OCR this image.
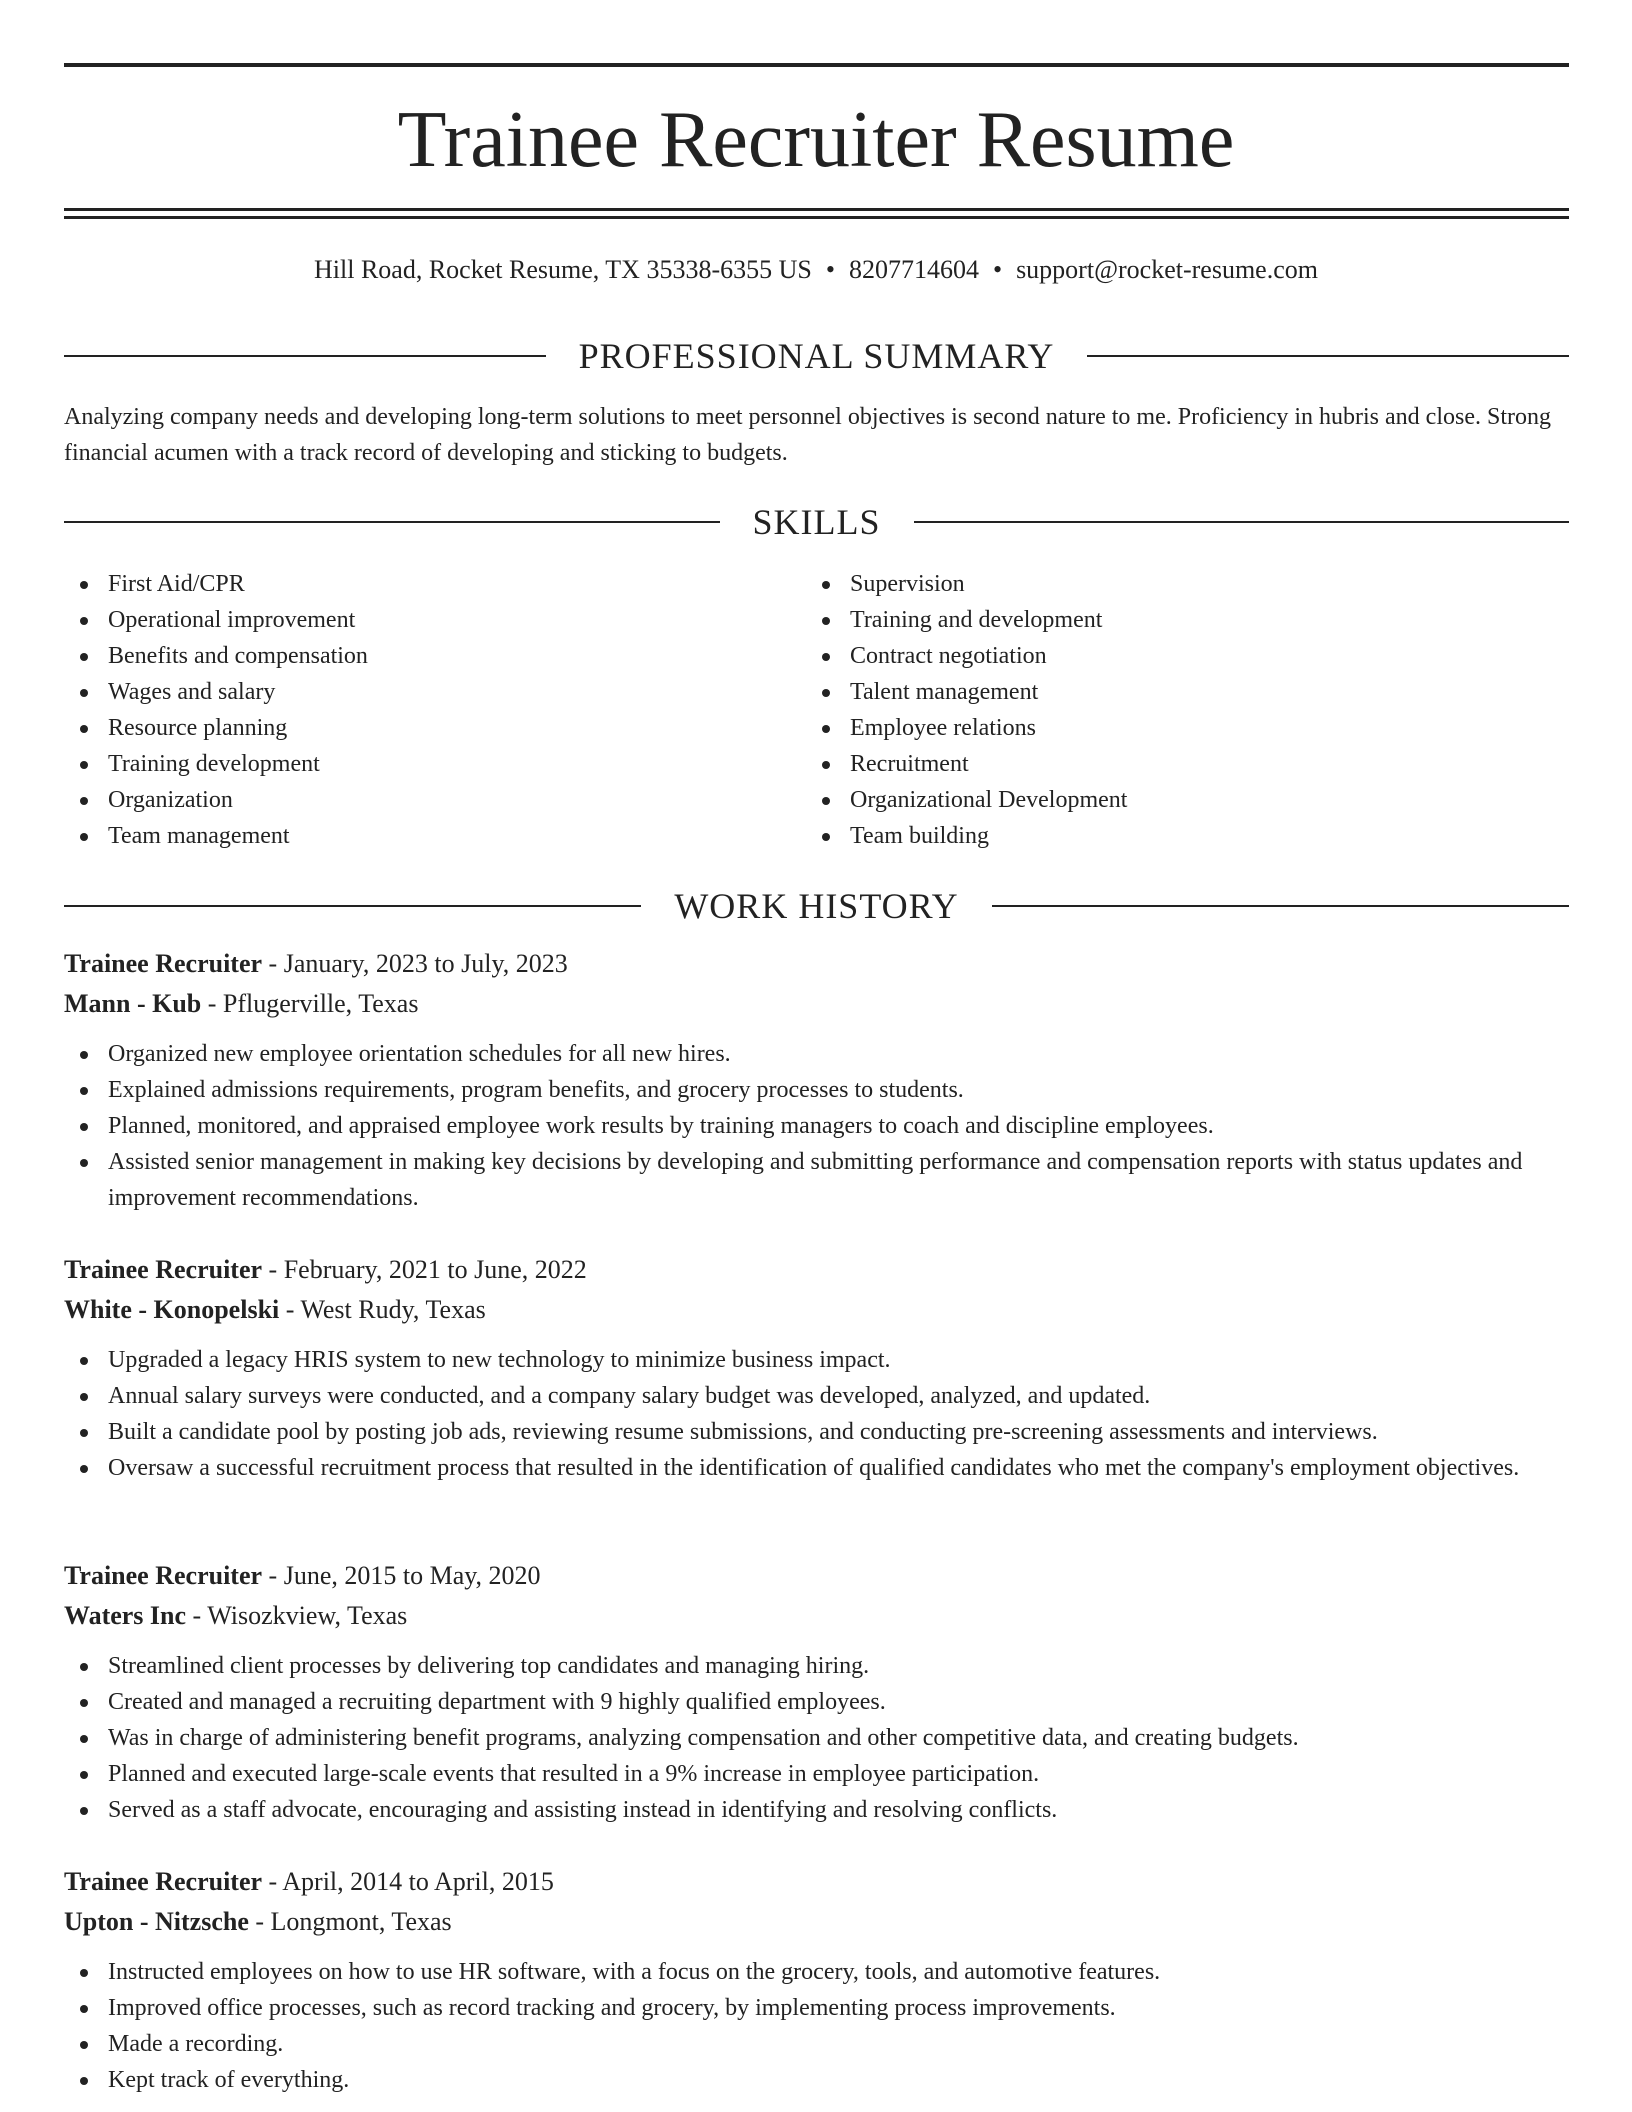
Trainee Recruiter Resume
Hill Road, Rocket Resume, TX 35338-6355 US • 8207714604 • support@rocket-resume.com
PROFESSIONAL SUMMARY

Analyzing company needs and developing long-term solutions to meet personnel objectives is second nature to me. Proficiency in hubris and close. Strong financial acumen with a track record of developing and sticking to budgets.

SKILLS
First Aid/CPR
Operational improvement
Benefits and compensation
Wages and salary
Resource planning
Training development
Organization
Team management
Supervision
Training and development
Contract negotiation
Talent management
Employee relations
Recruitment
Organizational Development
Team building
WORK HISTORY
Trainee Recruiter - January, 2023 to July, 2023
Mann - Kub - Pflugerville, Texas
Organized new employee orientation schedules for all new hires.
Explained admissions requirements, program benefits, and grocery processes to students.
Planned, monitored, and appraised employee work results by training managers to coach and discipline employees.
Assisted senior management in making key decisions by developing and submitting performance and compensation reports with status updates and improvement recommendations.
Trainee Recruiter - February, 2021 to June, 2022
White - Konopelski - West Rudy, Texas
Upgraded a legacy HRIS system to new technology to minimize business impact.
Annual salary surveys were conducted, and a company salary budget was developed, analyzed, and updated.
Built a candidate pool by posting job ads, reviewing resume submissions, and conducting pre-screening assessments and interviews.
Oversaw a successful recruitment process that resulted in the identification of qualified candidates who met the company's employment objectives.
Trainee Recruiter - June, 2015 to May, 2020
Waters Inc - Wisozkview, Texas
Streamlined client processes by delivering top candidates and managing hiring.
Created and managed a recruiting department with 9 highly qualified employees.
Was in charge of administering benefit programs, analyzing compensation and other competitive data, and creating budgets.
Planned and executed large-scale events that resulted in a 9% increase in employee participation.
Served as a staff advocate, encouraging and assisting instead in identifying and resolving conflicts.
Trainee Recruiter - April, 2014 to April, 2015
Upton - Nitzsche - Longmont, Texas
Instructed employees on how to use HR software, with a focus on the grocery, tools, and automotive features.
Improved office processes, such as record tracking and grocery, by implementing process improvements.
Made a recording.
Kept track of everything.
